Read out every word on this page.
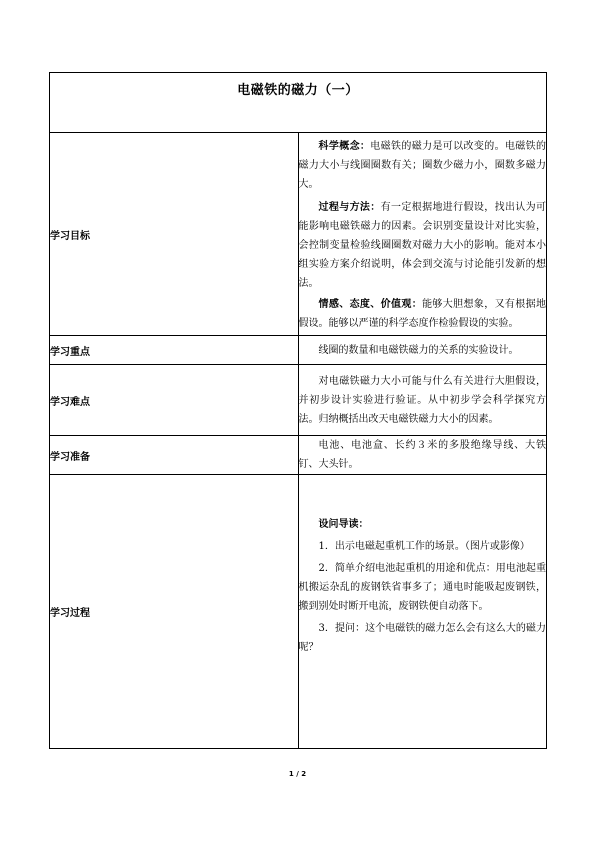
电磁铁的磁力（一）	
学习目标	科学概念：电磁铁的磁力是可以改变的。电磁铁的磁力大小与线圈圈数有关；圈数少磁力小，圈数多磁力大。

过程与方法：有一定根据地进行假设，找出认为可能影响电磁铁磁力的因素。会识别变量设计对比实验，会控制变量检验线圈圈数对磁力大小的影响。能对本小组实验方案介绍说明，体会到交流与讨论能引发新的想法。

情感、态度、价值观：能够大胆想象，又有根据地假设。能够以严谨的科学态度作检验假设的实验。

学习重点	线圈的数量和电磁铁磁力的关系的实验设计。

学习难点	对电磁铁磁力大小可能与什么有关进行大胆假设，并初步设计实验进行验证。从中初步学会科学探究方法。归纳概括出改天电磁铁磁力大小的因素。

学习准备	电池、电池盒、长约３米的多股绝缘导线、大铁钉、大头针。

学习过程	设问导读：

1．出示电磁起重机工作的场景。（图片或影像）

2．简单介绍电池起重机的用途和优点：用电池起重机搬运杂乱的废钢铁省事多了；通电时能吸起废钢铁，搬到别处时断开电流，废钢铁便自动落下。

3．提问：这个电磁铁的磁力怎么会有这么大的磁力呢？

1 / 2
